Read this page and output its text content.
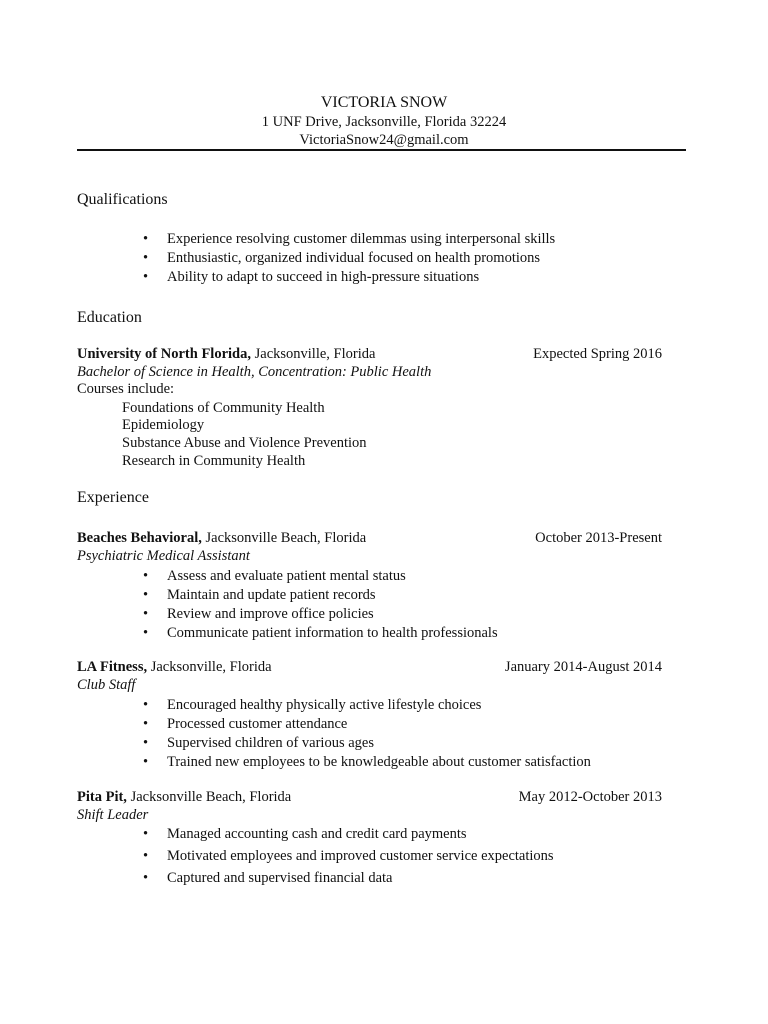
VICTORIA SNOW
1 UNF Drive, Jacksonville, Florida 32224
VictoriaSnow24@gmail.com
Qualifications
• Experience resolving customer dilemmas using interpersonal skills
• Enthusiastic, organized individual focused on health promotions
• Ability to adapt to succeed in high-pressure situations
Education
University of North Florida, Jacksonville, Florida	Expected Spring 2016
Bachelor of Science in Health, Concentration: Public Health
Courses include:
Foundations of Community Health
Epidemiology
Substance Abuse and Violence Prevention
Research in Community Health
Experience
Beaches Behavioral, Jacksonville Beach, Florida	October 2013-Present
Psychiatric Medical Assistant
• Assess and evaluate patient mental status
• Maintain and update patient records
• Review and improve office policies
• Communicate patient information to health professionals
LA Fitness, Jacksonville, Florida	January 2014-August 2014
Club Staff
• Encouraged healthy physically active lifestyle choices
• Processed customer attendance
• Supervised children of various ages
• Trained new employees to be knowledgeable about customer satisfaction
Pita Pit, Jacksonville Beach, Florida	May 2012-October 2013
Shift Leader
• Managed accounting cash and credit card payments
• Motivated employees and improved customer service expectations
• Captured and supervised financial data
